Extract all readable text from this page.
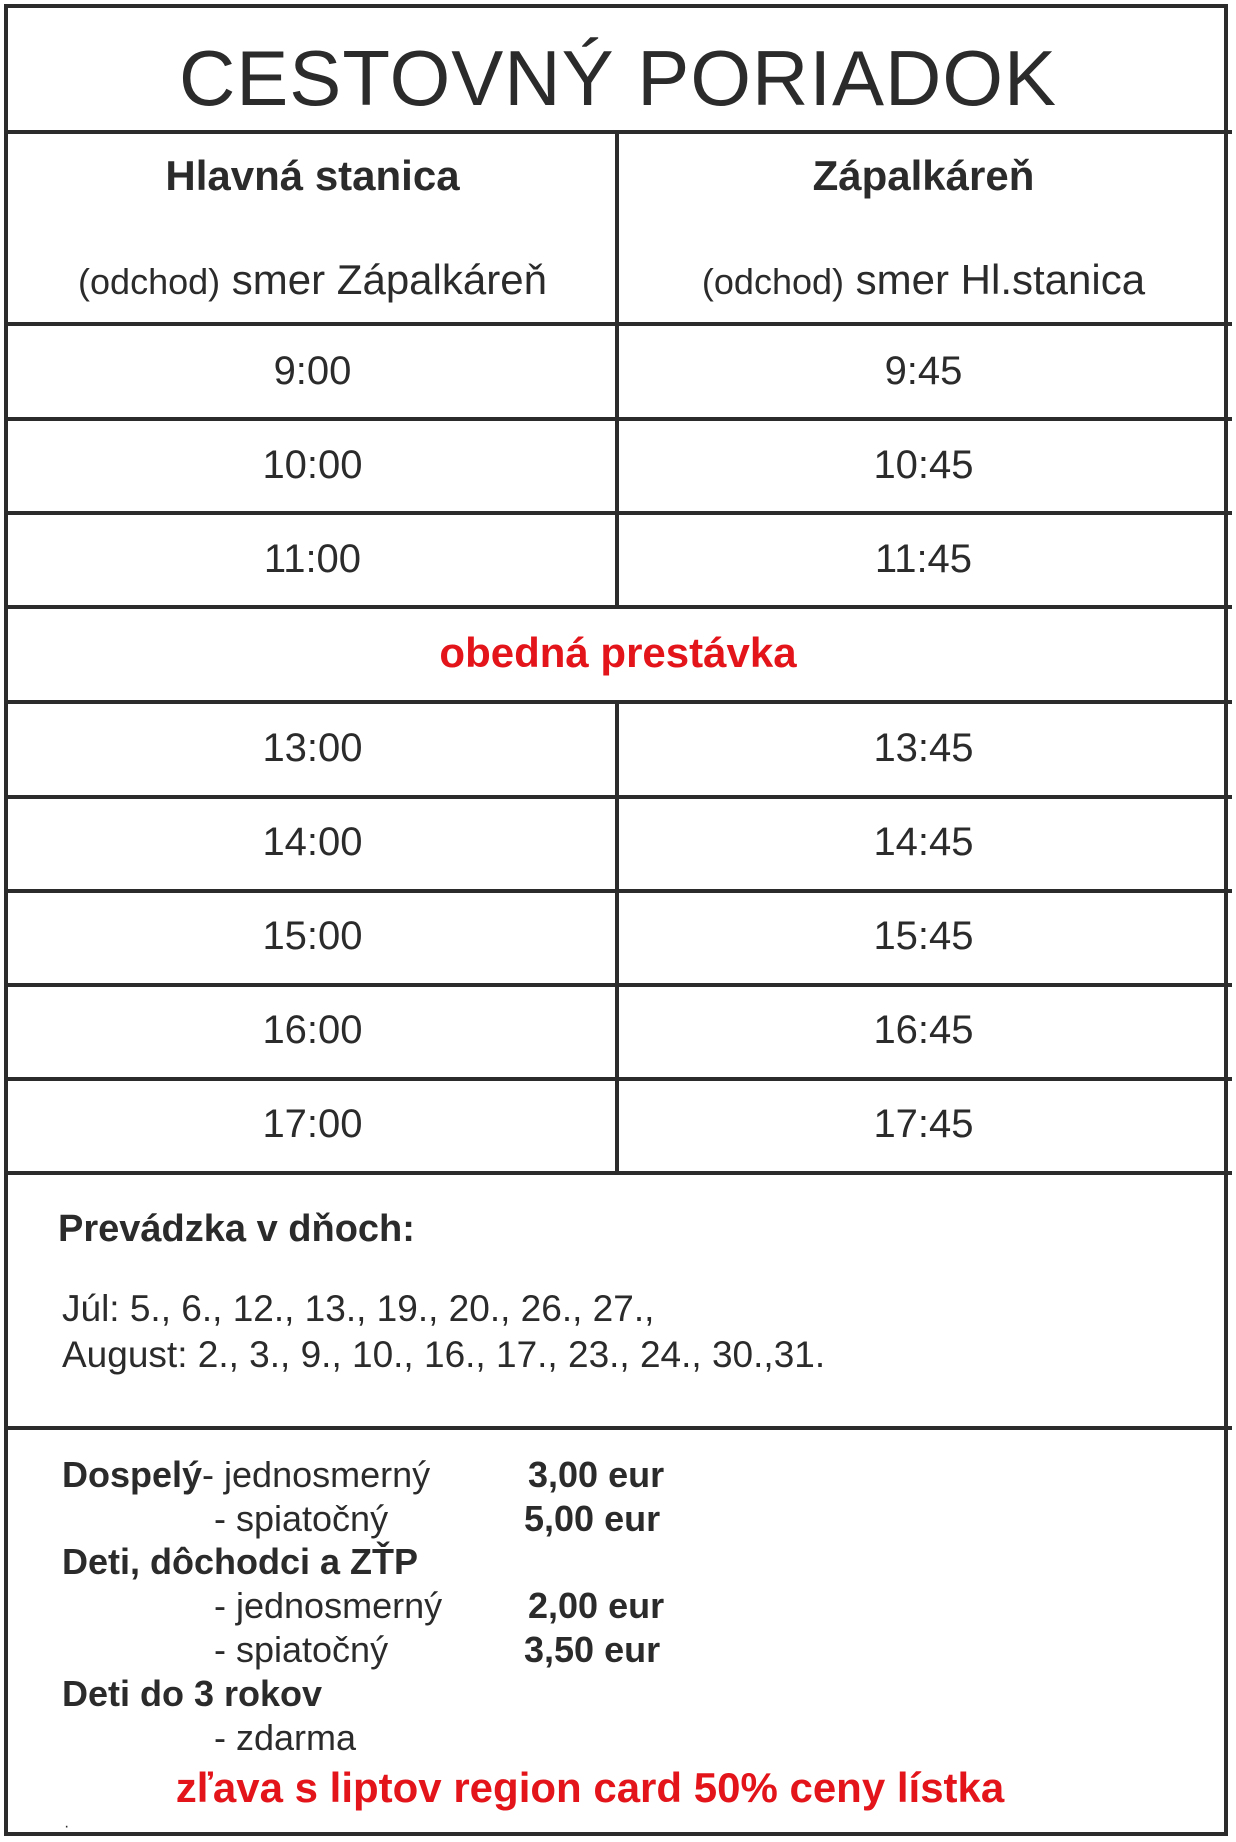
CESTOVNÝ PORIADOK
Hlavná stanica	Zápalkáreň
(odchod) smer Zápalkáreň	(odchod) smer Hl.stanica
9:00	9:45
10:00	10:45
11:00	11:45
obedná prestávka
13:00	13:45
14:00	14:45
15:00	15:45
16:00	16:45
17:00	17:45
Prevádzka v dňoch:
Júl: 5., 6., 12., 13., 19., 20., 26., 27.,
August: 2., 3., 9., 10., 16., 17., 23., 24., 30.,31.
Dospelý- jednosmerný	3,00 eur
- spiatočný	5,00 eur
Deti, dôchodci a ZŤP
- jednosmerný 2,00 eur
- spiatočný	3,50 eur
Deti do 3 rokov
- zdarma
zľava s liptov region card 50% ceny lístka
·
